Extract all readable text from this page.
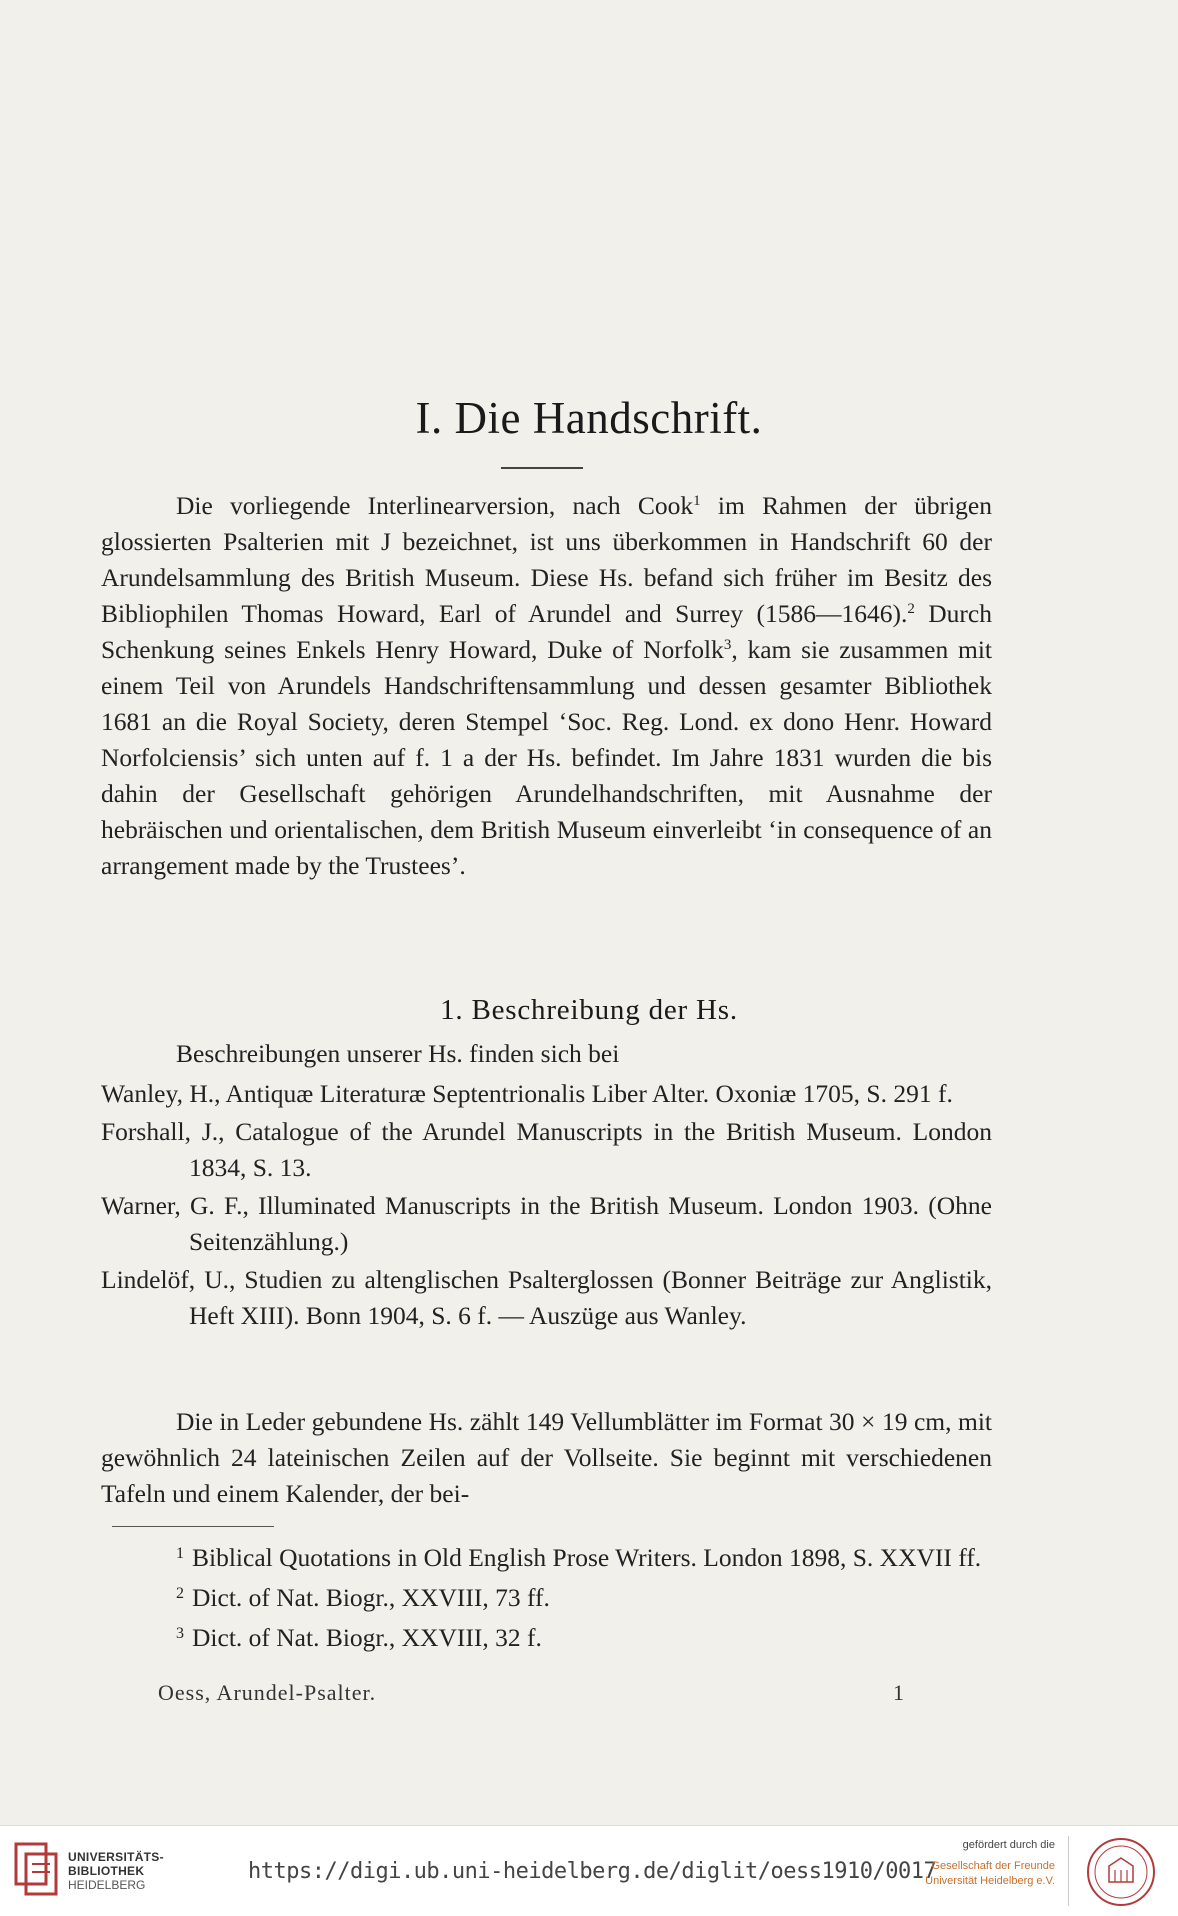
I. Die Handschrift.

Die vorliegende Interlinearversion, nach Cook$^1$ im Rahmen der übrigen glossierten Psalterien mit J bezeichnet, ist uns überkommen in Handschrift 60 der Arundelsammlung des British Museum. Diese Hs. befand sich früher im Besitz des Bibliophilen Thomas Howard, Earl of Arundel and Surrey (1586—1646).$^2$ Durch Schenkung seines Enkels Henry Howard, Duke of Norfolk$^3$, kam sie zusammen mit einem Teil von Arundels Handschriftensammlung und dessen gesamter Bibliothek 1681 an die Royal Society, deren Stempel ‘Soc. Reg. Lond. ex dono Henr. Howard Norfolciensis’ sich unten auf f. 1 a der Hs. befindet. Im Jahre 1831 wurden die bis dahin der Gesellschaft gehörigen Arundelhandschriften, mit Ausnahme der hebräischen und orientalischen, dem British Museum einverleibt ‘in consequence of an arrangement made by the Trustees’.

1. Beschreibung der Hs.
Beschreibungen unserer Hs. finden sich bei
Wanley, H., Antiquæ Literaturæ Septentrionalis Liber Alter. Oxoniæ 1705, S. 291 f.
Forshall, J., Catalogue of the Arundel Manuscripts in the British Museum. London 1834, S. 13.
Warner, G. F., Illuminated Manuscripts in the British Museum. London 1903. (Ohne Seitenzählung.)
Lindelöf, U., Studien zu altenglischen Psalterglossen (Bonner Beiträge zur Anglistik, Heft XIII). Bonn 1904, S. 6 f. — Auszüge aus Wanley.

Die in Leder gebundene Hs. zählt 149 Vellumblätter im Format 30 × 19 cm, mit gewöhnlich 24 lateinischen Zeilen auf der Vollseite. Sie beginnt mit verschiedenen Tafeln und einem Kalender, der bei-

$^1$ Biblical Quotations in Old English Prose Writers. London 1898, S. XXVII ff.

$^2$ Dict. of Nat. Biogr., XXVIII, 73 ff.

$^3$ Dict. of Nat. Biogr., XXVIII, 32 f.

Oess, Arundel-Psalter.	1
UNIVERSITÄTS-
BIBLIOTHEK
HEIDELBERG
https://digi.ub.uni-heidelberg.de/diglit/oess1910/0017
gefördert durch die
Gesellschaft der Freunde
Universität Heidelberg e.V.
